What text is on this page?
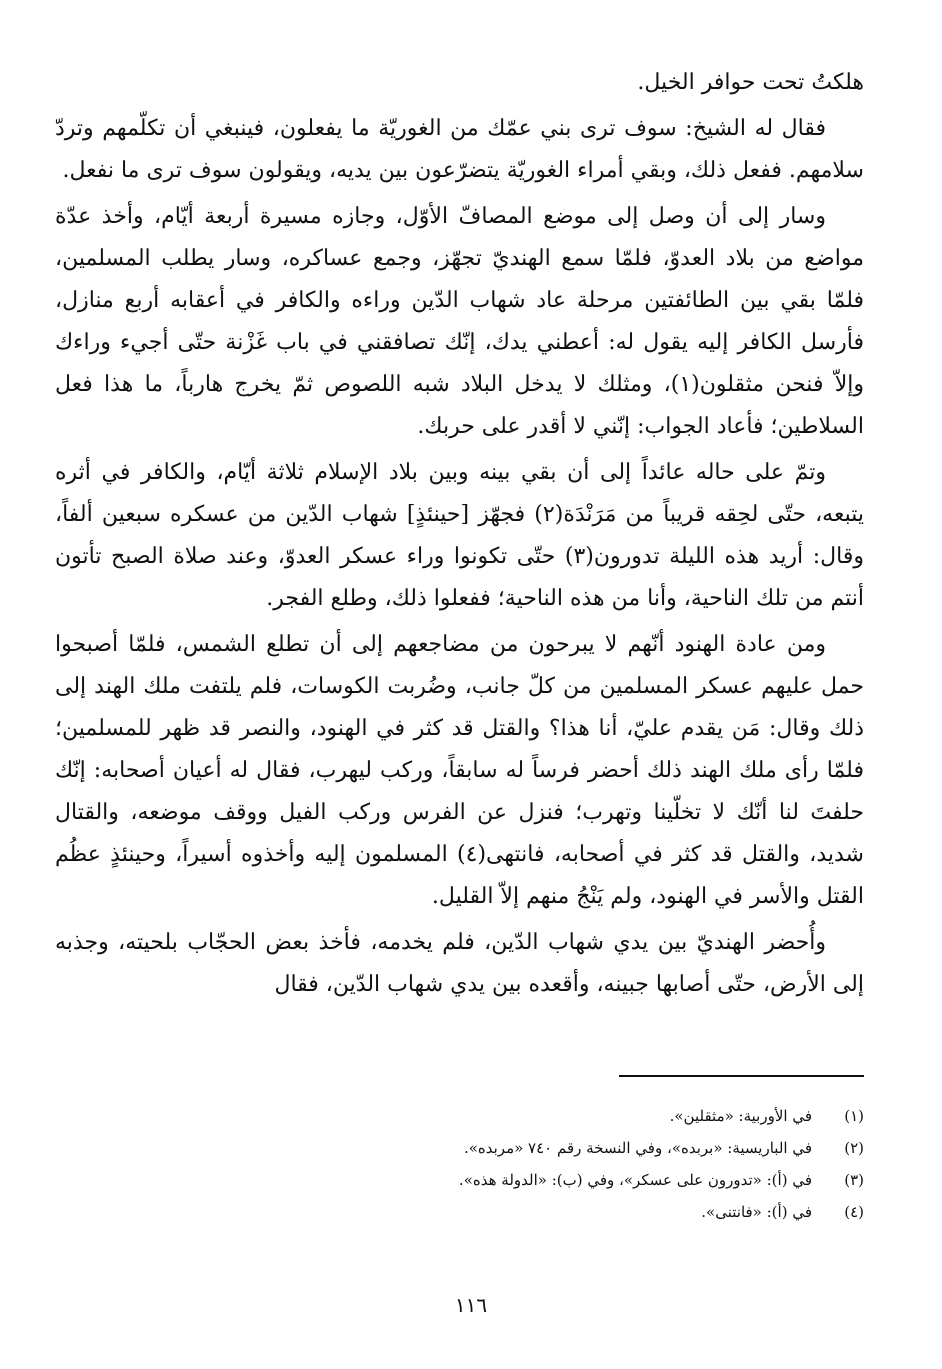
هلكتُ تحت حوافر الخيل.

فقال له الشيخ: سوف ترى بني عمّك من الغوريّة ما يفعلون، فينبغي أن تكلّمهم وتردّ سلامهم. ففعل ذلك، وبقي أمراء الغوريّة يتضرّعون بين يديه، ويقولون سوف ترى ما نفعل.

وسار إلى أن وصل إلى موضع المصافّ الأوّل، وجازه مسيرة أربعة أيّام، وأخذ عدّة مواضع من بلاد العدوّ، فلمّا سمع الهنديّ تجهّز، وجمع عساكره، وسار يطلب المسلمين، فلمّا بقي بين الطائفتين مرحلة عاد شهاب الدّين وراءه والكافر في أعقابه أربع منازل، فأرسل الكافر إليه يقول له: أعطني يدك، إنّك تصافقني في باب غَزْنة حتّى أجيء وراءك وإلاّ فنحن مثقلون(١)، ومثلك لا يدخل البلاد شبه اللصوص ثمّ يخرج هارباً، ما هذا فعل السلاطين؛ فأعاد الجواب: إنّني لا أقدر على حربك.

وتمّ على حاله عائداً إلى أن بقي بينه وبين بلاد الإسلام ثلاثة أيّام، والكافر في أثره يتبعه، حتّى لحِقه قريباً من مَرَنْدَة(٢) فجهّز [حينئذٍ] شهاب الدّين من عسكره سبعين ألفاً، وقال: أريد هذه الليلة تدورون(٣) حتّى تكونوا وراء عسكر العدوّ، وعند صلاة الصبح تأتون أنتم من تلك الناحية، وأنا من هذه الناحية؛ ففعلوا ذلك، وطلع الفجر.

ومن عادة الهنود أنّهم لا يبرحون من مضاجعهم إلى أن تطلع الشمس، فلمّا أصبحوا حمل عليهم عسكر المسلمين من كلّ جانب، وضُربت الكوسات، فلم يلتفت ملك الهند إلى ذلك وقال: مَن يقدم عليّ، أنا هذا؟ والقتل قد كثر في الهنود، والنصر قد ظهر للمسلمين؛ فلمّا رأى ملك الهند ذلك أحضر فرساً له سابقاً، وركب ليهرب، فقال له أعيان أصحابه: إنّك حلفتَ لنا أنّك لا تخلّينا وتهرب؛ فنزل عن الفرس وركب الفيل ووقف موضعه، والقتال شديد، والقتل قد كثر في أصحابه، فانتهى(٤) المسلمون إليه وأخذوه أسيراً، وحينئذٍ عظُم القتل والأسر في الهنود، ولم يَنْجُ منهم إلاّ القليل.

وأُحضر الهنديّ بين يدي شهاب الدّين، فلم يخدمه، فأخذ بعض الحجّاب بلحيته، وجذبه إلى الأرض، حتّى أصابها جبينه، وأقعده بين يدي شهاب الدّين، فقال

(١)
في الأوربية: «مثقلين».
(٢)
في الباريسية: «بربده»، وفي النسخة رقم ٧٤٠ «مربده».
(٣)
في (أ): «تدورون على عسكر»، وفي (ب): «الدولة هذه».
(٤)
في (أ): «فانتنى».
١١٦
